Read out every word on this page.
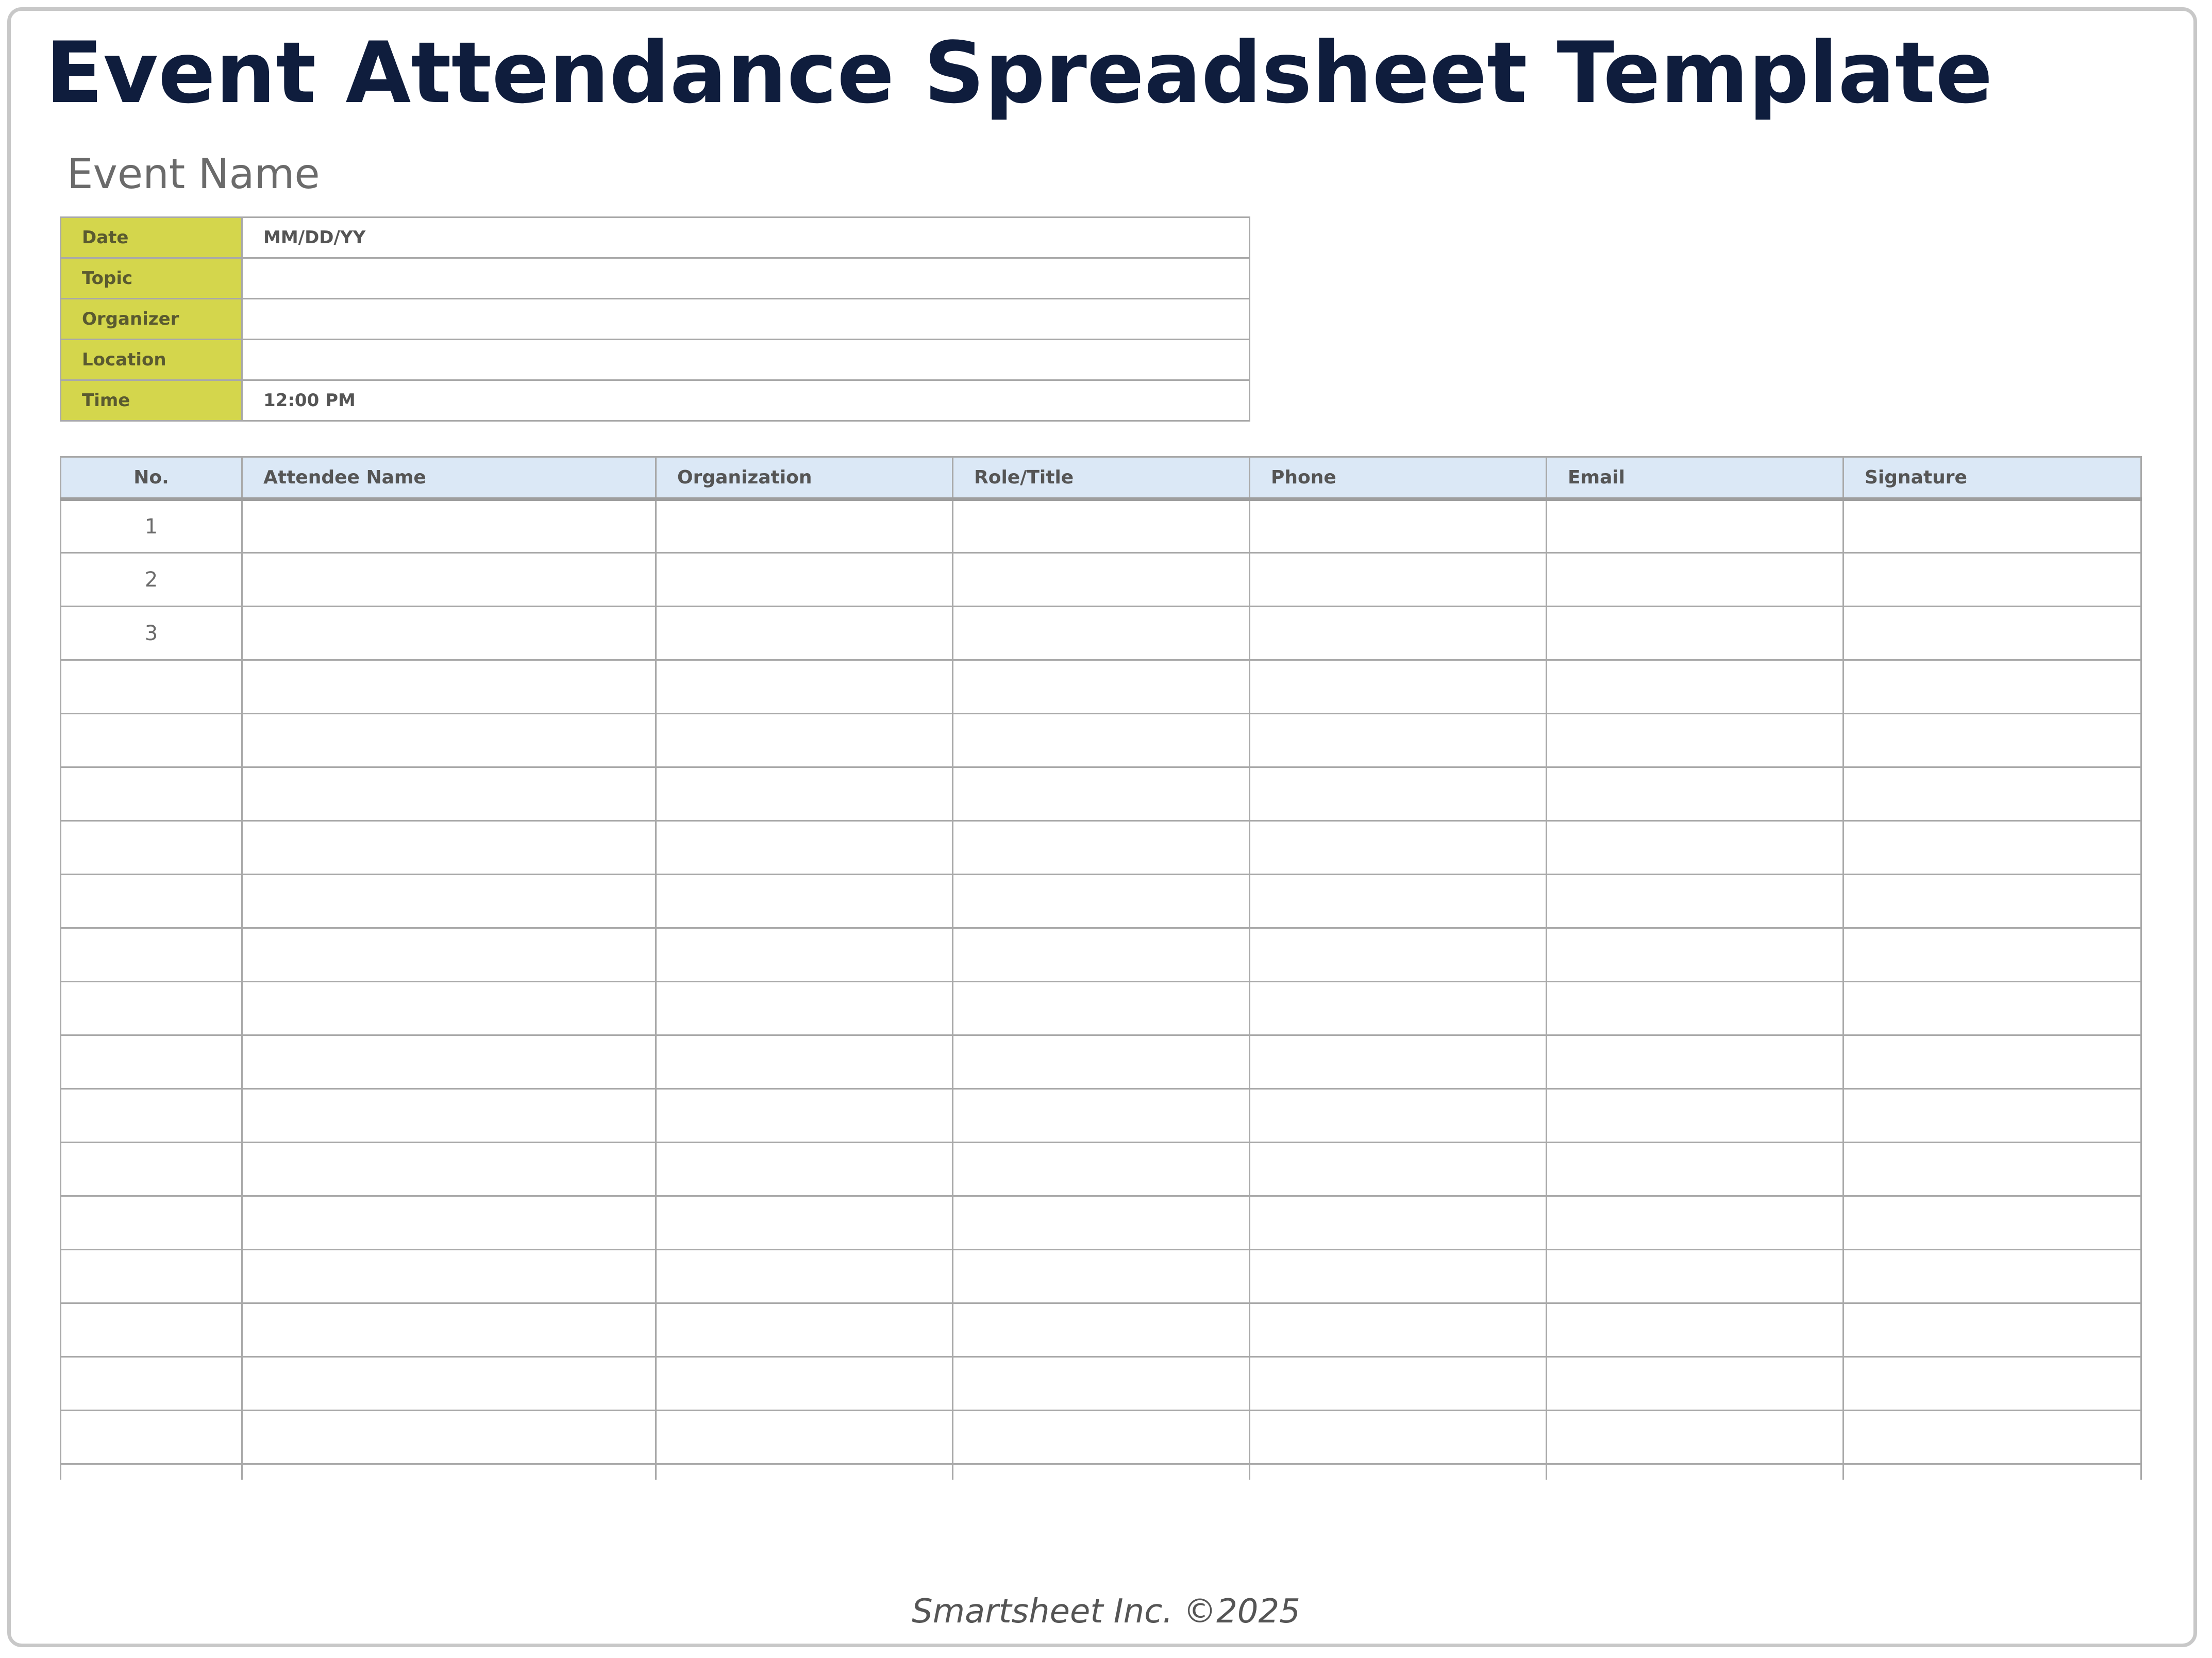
Event Attendance Spreadsheet Template
Event Name
Date	MM/DD/YY
Topic	
Organizer	
Location	
Time	12:00 PM
No.	Attendee Name	Organization	Role/Title	Phone	Email	Signature
1						
2						
3						

Smartsheet Inc. ©2025
